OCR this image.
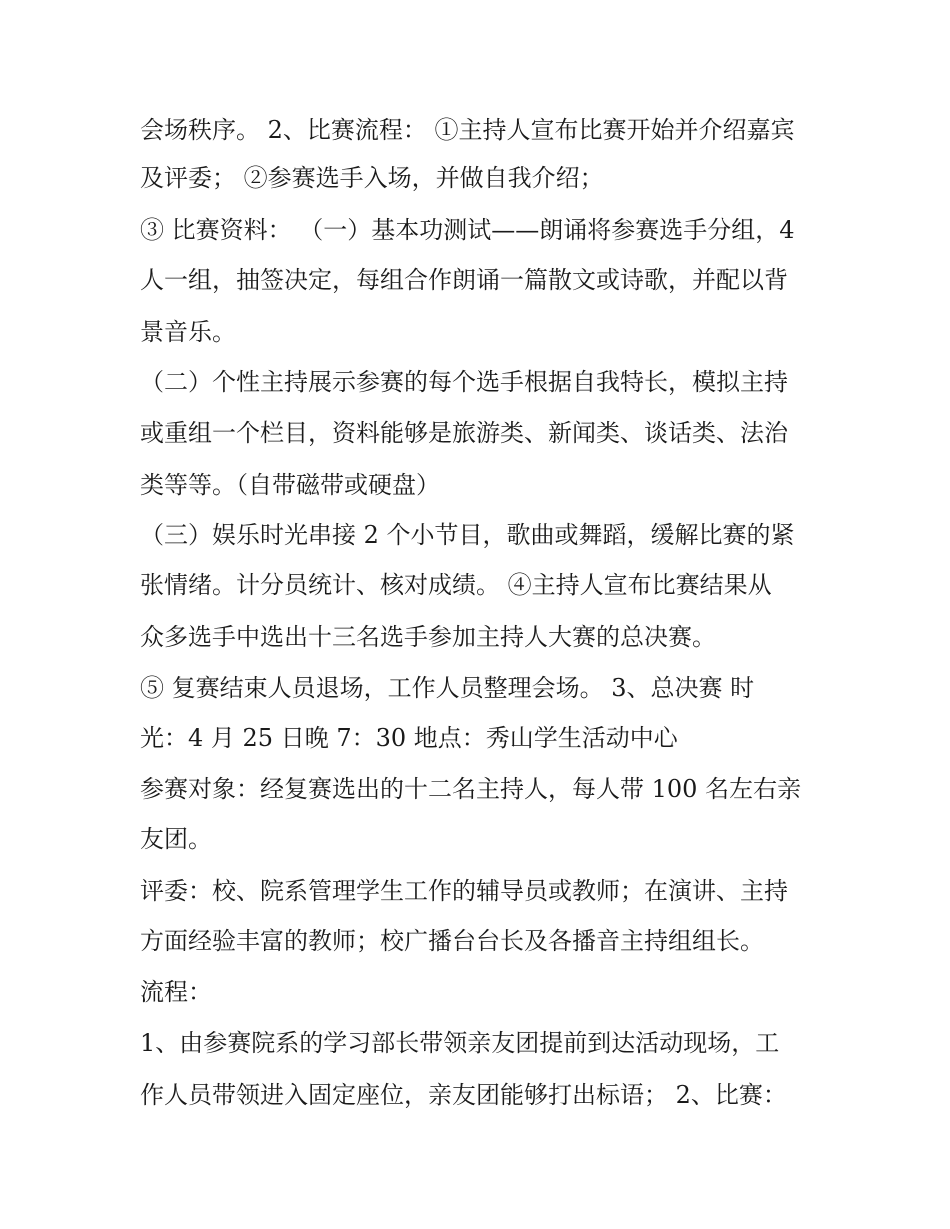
会场秩序。 2、比赛流程： ①主持人宣布比赛开始并介绍嘉宾

及评委； ②参赛选手入场，并做自我介绍；

③ 比赛资料： （一）基本功测试——朗诵将参赛选手分组，4

人一组，抽签决定，每组合作朗诵一篇散文或诗歌，并配以背

景音乐。

（二）个性主持展示参赛的每个选手根据自我特长，模拟主持

或重组一个栏目，资料能够是旅游类、新闻类、谈话类、法治

类等等。（自带磁带或硬盘）

（三）娱乐时光串接 2 个小节目，歌曲或舞蹈，缓解比赛的紧

张情绪。计分员统计、核对成绩。 ④主持人宣布比赛结果从

众多选手中选出十三名选手参加主持人大赛的总决赛。

⑤ 复赛结束人员退场，工作人员整理会场。 3、总决赛 时

光：4 月 25 日晚 7：30 地点：秀山学生活动中心

参赛对象：经复赛选出的十二名主持人，每人带 100 名左右亲

友团。

评委：校、院系管理学生工作的辅导员或教师；在演讲、主持

方面经验丰富的教师；校广播台台长及各播音主持组组长。

流程：

1、由参赛院系的学习部长带领亲友团提前到达活动现场，工

作人员带领进入固定座位，亲友团能够打出标语； 2、比赛：
